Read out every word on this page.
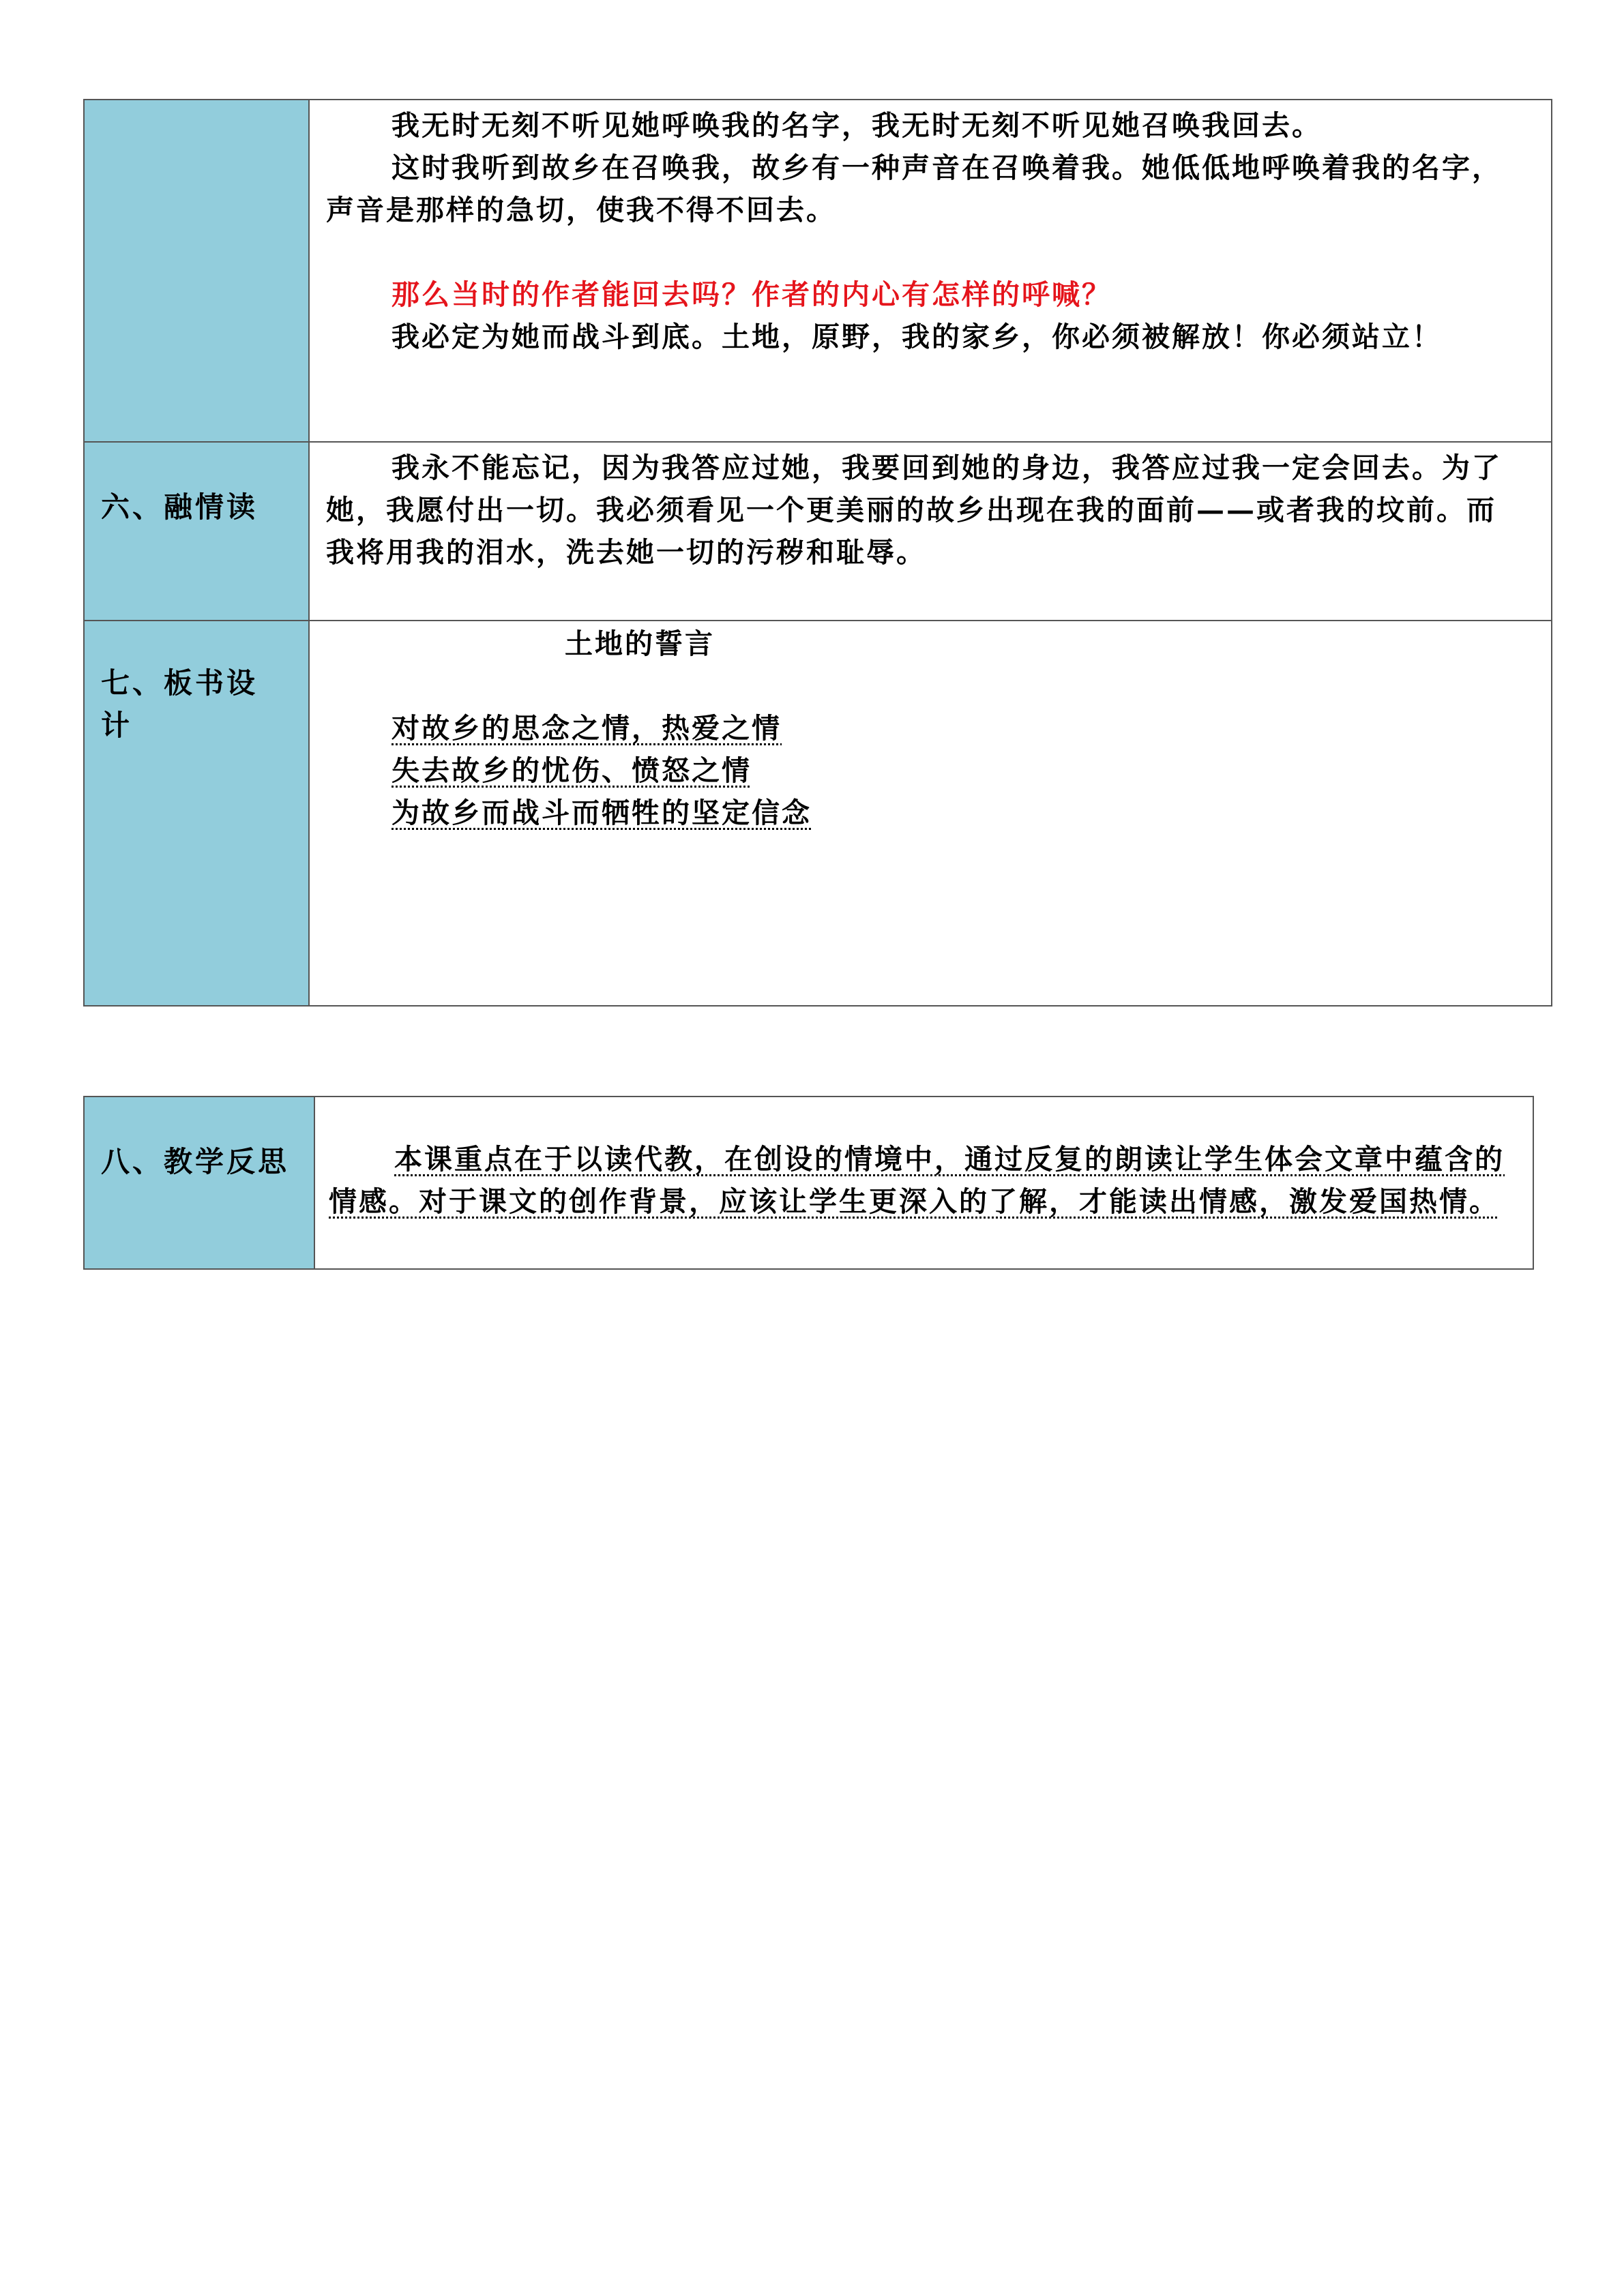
	我无时无刻不听见她呼唤我的名字，我无时无刻不听见她召唤我回去。

这时我听到故乡在召唤我，故乡有一种声音在召唤着我。她低低地呼唤着我的名字，声音是那样的急切，使我不得不回去。

那么当时的作者能回去吗？作者的内心有怎样的呼喊？

我必定为她而战斗到底。土地，原野，我的家乡，你必须被解放！你必须站立！

六、融情读	我永不能忘记，因为我答应过她，我要回到她的身边，我答应过我一定会回去。为了她，我愿付出一切。我必须看见一个更美丽的故乡出现在我的面前——或者我的坟前。而我将用我的泪水，洗去她一切的污秽和耻辱。

七、板书设计	土地的誓言

对故乡的思念之情，热爱之情

失去故乡的忧伤、愤怒之情

为故乡而战斗而牺牲的坚定信念

八、教学反思	本课重点在于以读代教，在创设的情境中，通过反复的朗读让学生体会文章中蕴含的情感。对于课文的创作背景，应该让学生更深入的了解，才能读出情感，激发爱国热情。
